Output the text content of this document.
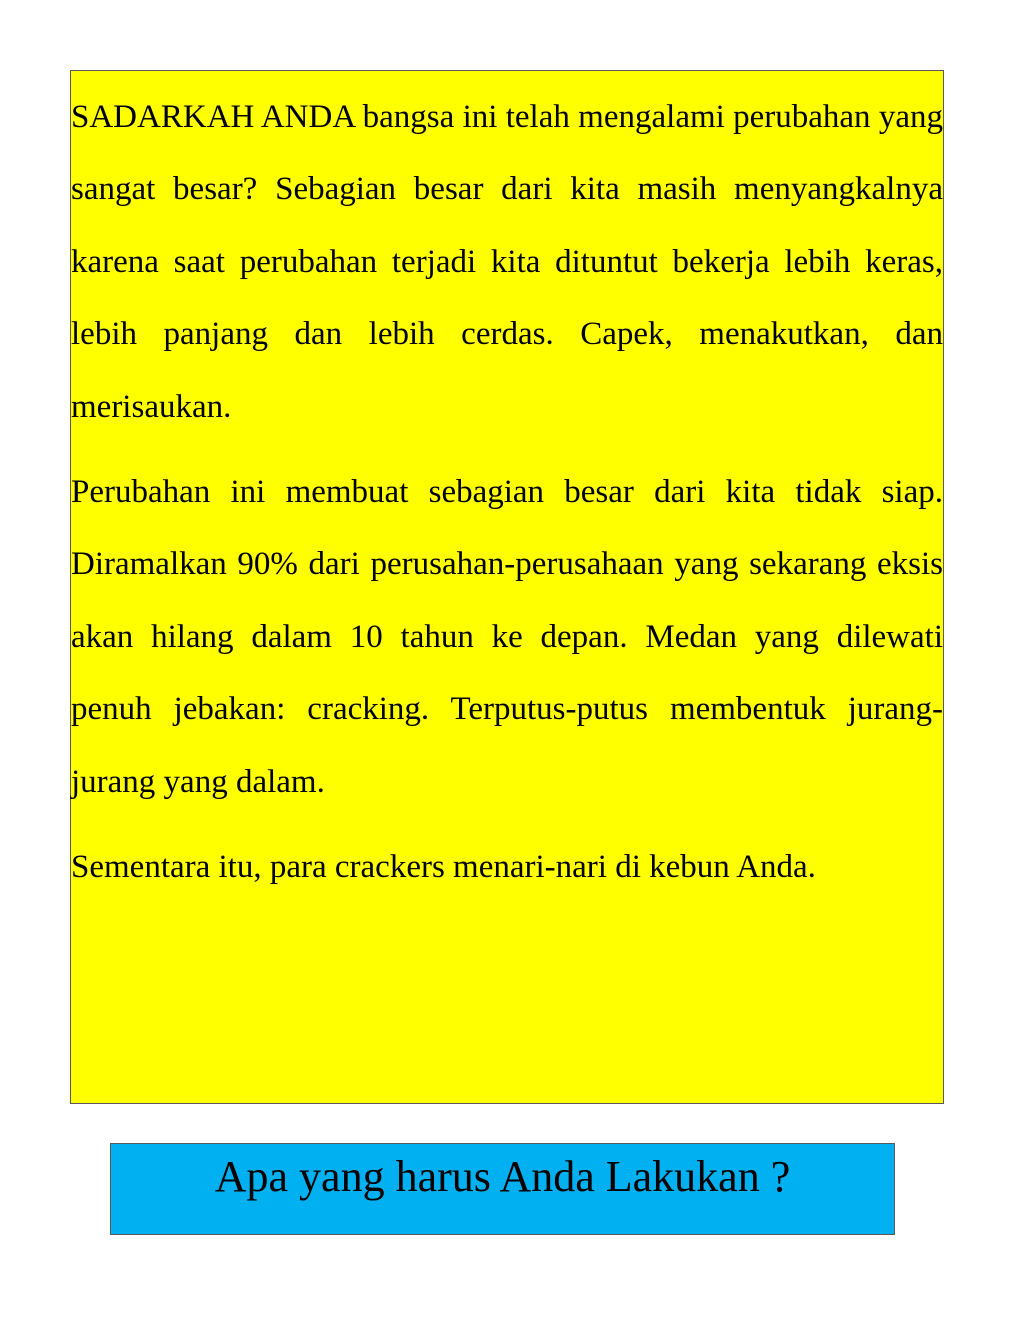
SADARKAH ANDA bangsa ini telah mengalami perubahan yang sangat besar? Sebagian besar dari kita masih menyangkalnya karena saat perubahan terjadi kita dituntut bekerja lebih keras, lebih panjang dan lebih cerdas. Capek, menakutkan, dan merisaukan.

Perubahan ini membuat sebagian besar dari kita tidak siap. Diramalkan 90% dari perusahan-perusahaan yang sekarang eksis akan hilang dalam 10 tahun ke depan. Medan yang dilewati penuh jebakan: cracking. Terputus-putus membentuk jurang-jurang yang dalam.

Sementara itu, para crackers menari-nari di kebun Anda.

Apa yang harus Anda Lakukan ?
